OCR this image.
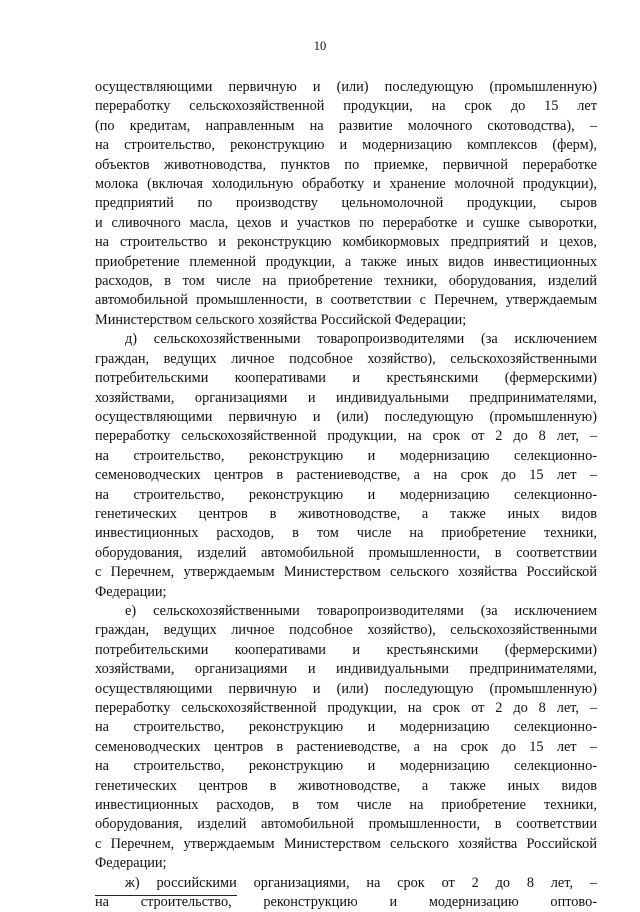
10
осуществляющими первичную и (или) последующую (промышленную)
переработку сельскохозяйственной продукции, на срок до 15 лет
(по кредитам, направленным на развитие молочного скотоводства), –
на строительство, реконструкцию и модернизацию комплексов (ферм),
объектов животноводства, пунктов по приемке, первичной переработке
молока (включая холодильную обработку и хранение молочной продукции),
предприятий по производству цельномолочной продукции, сыров
и сливочного масла, цехов и участков по переработке и сушке сыворотки,
на строительство и реконструкцию комбикормовых предприятий и цехов,
приобретение племенной продукции, а также иных видов инвестиционных
расходов, в том числе на приобретение техники, оборудования, изделий
автомобильной промышленности, в соответствии с Перечнем, утверждаемым
Министерством сельского хозяйства Российской Федерации;
д) сельскохозяйственными товаропроизводителями (за исключением
граждан, ведущих личное подсобное хозяйство), сельскохозяйственными
потребительскими кооперативами и крестьянскими (фермерскими)
хозяйствами, организациями и индивидуальными предпринимателями,
осуществляющими первичную и (или) последующую (промышленную)
переработку сельскохозяйственной продукции, на срок от 2 до 8 лет, –
на строительство, реконструкцию и модернизацию селекционно-
семеноводческих центров в растениеводстве, а на срок до 15 лет –
на строительство, реконструкцию и модернизацию селекционно-
генетических центров в животноводстве, а также иных видов
инвестиционных расходов, в том числе на приобретение техники,
оборудования, изделий автомобильной промышленности, в соответствии
с Перечнем, утверждаемым Министерством сельского хозяйства Российской
Федерации;
е) сельскохозяйственными товаропроизводителями (за исключением
граждан, ведущих личное подсобное хозяйство), сельскохозяйственными
потребительскими кооперативами и крестьянскими (фермерскими)
хозяйствами, организациями и индивидуальными предпринимателями,
осуществляющими первичную и (или) последующую (промышленную)
переработку сельскохозяйственной продукции, на срок от 2 до 8 лет, –
на строительство, реконструкцию и модернизацию селекционно-
семеноводческих центров в растениеводстве, а на срок до 15 лет –
на строительство, реконструкцию и модернизацию селекционно-
генетических центров в животноводстве, а также иных видов
инвестиционных расходов, в том числе на приобретение техники,
оборудования, изделий автомобильной промышленности, в соответствии
с Перечнем, утверждаемым Министерством сельского хозяйства Российской
Федерации;
ж) российскими организациями, на срок от 2 до 8 лет, –
на строительство, реконструкцию и модернизацию оптово-
